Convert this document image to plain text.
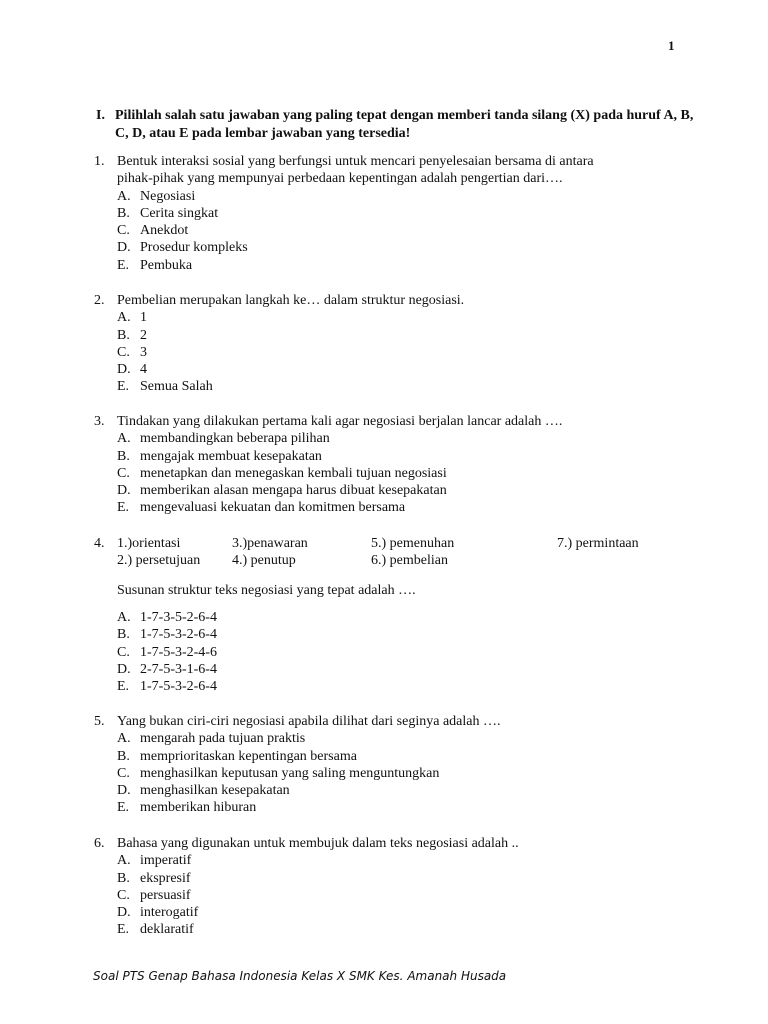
1
I. Pilihlah salah satu jawaban yang paling tepat dengan memberi tanda silang (X) pada huruf A, B, C, D, atau E pada lembar jawaban yang tersedia!
1. Bentuk interaksi sosial yang berfungsi untuk mencari penyelesaian bersama di antara
pihak-pihak yang mempunyai perbedaan kepentingan adalah pengertian dari….
A. Negosiasi
B. Cerita singkat
C. Anekdot
D. Prosedur kompleks
E. Pembuka
2. Pembelian merupakan langkah ke… dalam struktur negosiasi.
A. 1
B. 2
C. 3
D. 4
E. Semua Salah
3. Tindakan yang dilakukan pertama kali agar negosiasi berjalan lancar adalah ….
A. membandingkan beberapa pilihan
B. mengajak membuat kesepakatan
C. menetapkan dan menegaskan kembali tujuan negosiasi
D. memberikan alasan mengapa harus dibuat kesepakatan
E. mengevaluasi kekuatan dan komitmen bersama
4. 1.)orientasi	3.)penawaran	5.) pemenuhan	7.) permintaan
2.) persetujuan 4.) penutup	6.) pembelian
Susunan struktur teks negosiasi yang tepat adalah ….
A. 1-7-3-5-2-6-4
B. 1-7-5-3-2-6-4
C. 1-7-5-3-2-4-6
D. 2-7-5-3-1-6-4
E. 1-7-5-3-2-6-4
5. Yang bukan ciri-ciri negosiasi apabila dilihat dari seginya adalah ….
A. mengarah pada tujuan praktis
B. memprioritaskan kepentingan bersama
C. menghasilkan keputusan yang saling menguntungkan
D. menghasilkan kesepakatan
E. memberikan hiburan
6. Bahasa yang digunakan untuk membujuk dalam teks negosiasi adalah ..
A. imperatif
B. ekspresif
C. persuasif
D. interogatif
E. deklaratif
Soal PTS Genap Bahasa Indonesia Kelas X SMK Kes. Amanah Husada
